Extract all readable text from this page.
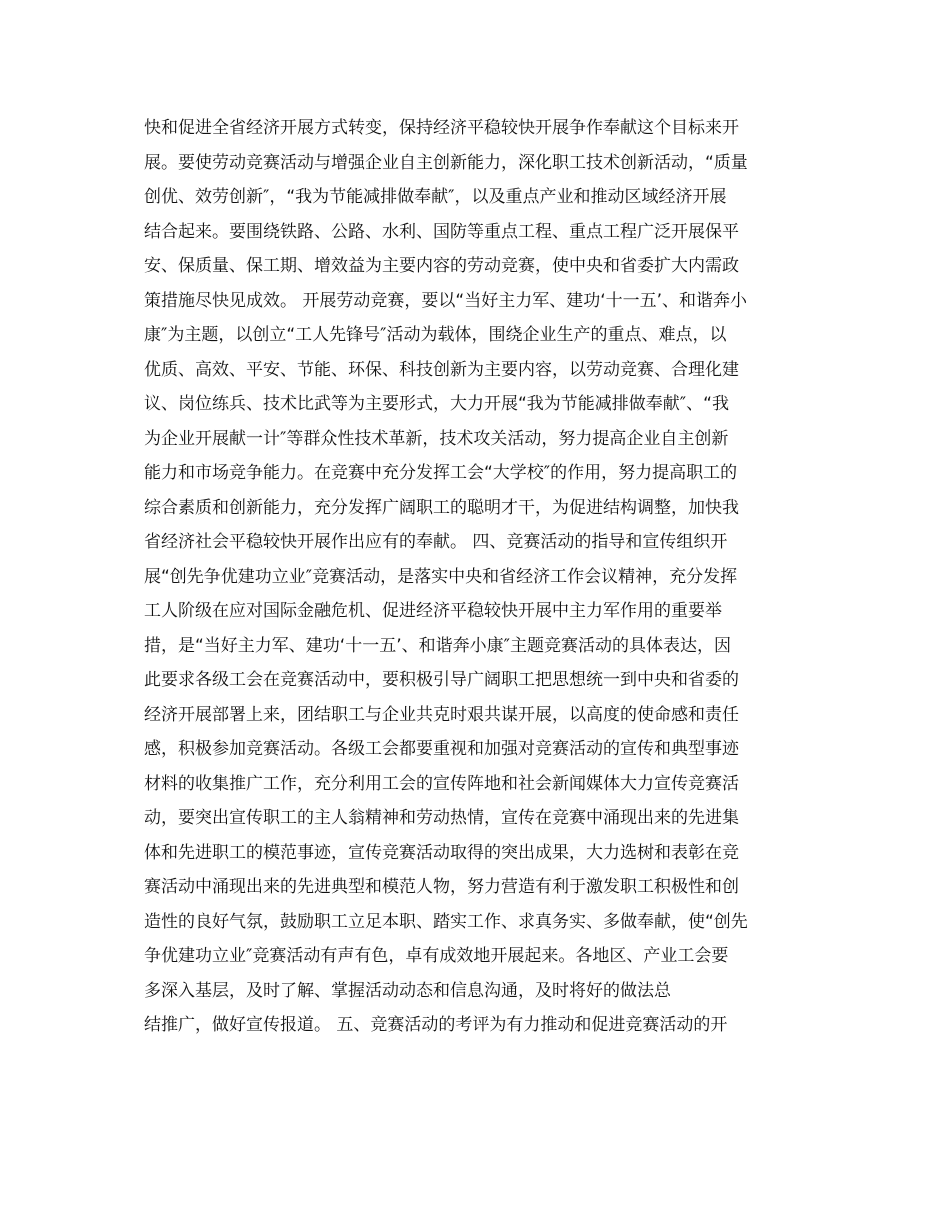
快和促进全省经济开展方式转变，保持经济平稳较快开展争作奉献这个目标来开
展。要使劳动竞赛活动与增强企业自主创新能力，深化职工技术创新活动，“质量
创优、效劳创新″，“我为节能减排做奉献″，以及重点产业和推动区域经济开展
结合起来。要围绕铁路、公路、水利、国防等重点工程、重点工程广泛开展保平
安、保质量、保工期、增效益为主要内容的劳动竞赛，使中央和省委扩大内需政
策措施尽快见成效。 开展劳动竞赛，要以“当好主力军、建功‘十一五’、和谐奔小
康″为主题，以创立“工人先锋号″活动为载体，围绕企业生产的重点、难点，以
优质、高效、平安、节能、环保、科技创新为主要内容，以劳动竞赛、合理化建
议、岗位练兵、技术比武等为主要形式，大力开展“我为节能减排做奉献″、“我
为企业开展献一计″等群众性技术革新，技术攻关活动，努力提高企业自主创新
能力和市场竞争能力。在竞赛中充分发挥工会“大学校″的作用，努力提高职工的
综合素质和创新能力，充分发挥广阔职工的聪明才干，为促进结构调整，加快我
省经济社会平稳较快开展作出应有的奉献。 四、竞赛活动的指导和宣传组织开
展“创先争优建功立业″竞赛活动，是落实中央和省经济工作会议精神，充分发挥
工人阶级在应对国际金融危机、促进经济平稳较快开展中主力军作用的重要举
措，是“当好主力军、建功‘十一五’、和谐奔小康″主题竞赛活动的具体表达，因
此要求各级工会在竞赛活动中，要积极引导广阔职工把思想统一到中央和省委的
经济开展部署上来，团结职工与企业共克时艰共谋开展，以高度的使命感和责任
感，积极参加竞赛活动。各级工会都要重视和加强对竞赛活动的宣传和典型事迹
材料的收集推广工作，充分利用工会的宣传阵地和社会新闻媒体大力宣传竞赛活
动，要突出宣传职工的主人翁精神和劳动热情，宣传在竞赛中涌现出来的先进集
体和先进职工的模范事迹，宣传竞赛活动取得的突出成果，大力选树和表彰在竞
赛活动中涌现出来的先进典型和模范人物，努力营造有利于激发职工积极性和创
造性的良好气氛，鼓励职工立足本职、踏实工作、求真务实、多做奉献，使“创先
争优建功立业″竞赛活动有声有色，卓有成效地开展起来。各地区、产业工会要
多深入基层，及时了解、掌握活动动态和信息沟通，及时将好的做法总
结推广，做好宣传报道。 五、竞赛活动的考评为有力推动和促进竞赛活动的开
